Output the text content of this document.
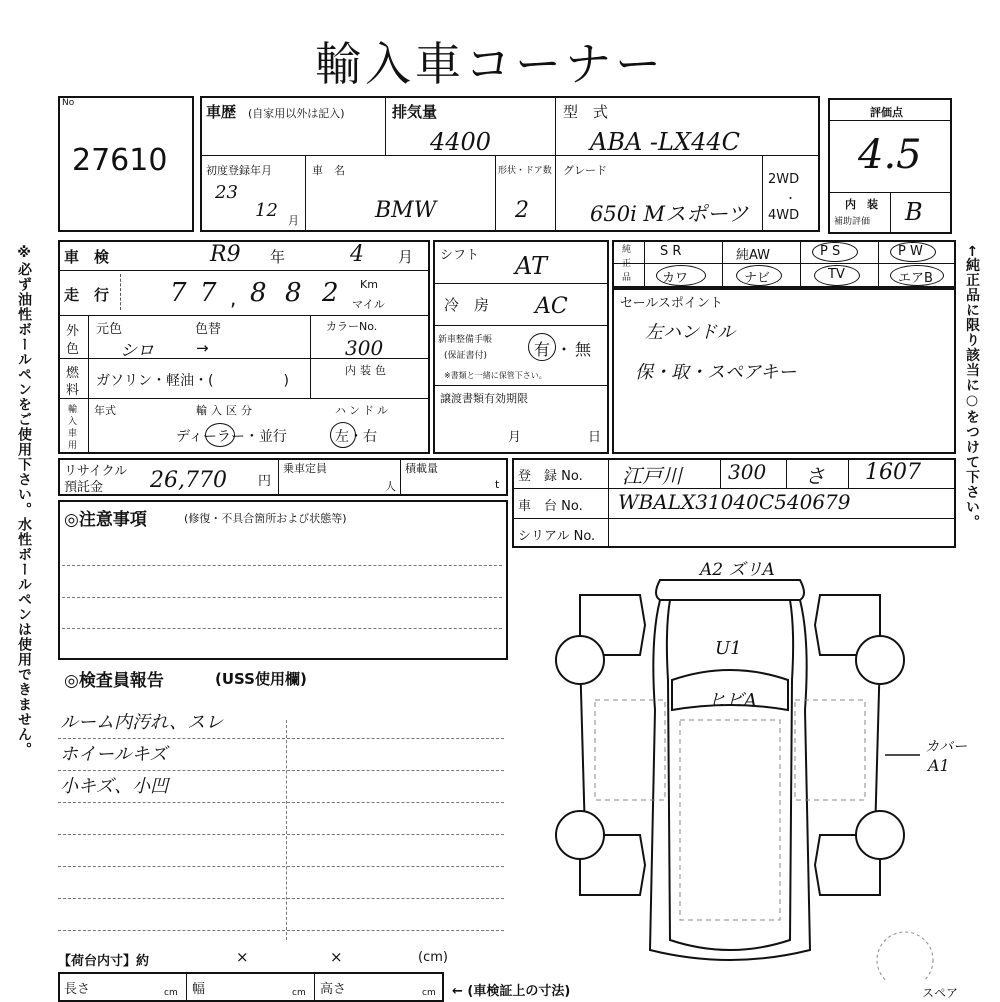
輸入車コーナー
No
27610
車歴 (自家用以外は記入)	排気量
4400
型　式
ABA -LX44C
初度登録年月
23
12 月
車　名
BMW
形状・ドア数
2
グレード
650i Mスポーツ
2WD
・
4WD
評価点
4.5
内　装
補助評価 B
車　検	R9 年	4 月
走　行 7 7 , 8 8 2 Km
マイル
外
色
元色	色替	カラーNo.
シロ	→	300
燃
料
ガソリン・軽油・(　　　　　)
内装色
輸
入
車
用
年式	輸入区分	ハンドル
ディーラー・並行	左・右
シフト AT
冷　房 AC
新車整備手帳
(保証書付)	有 ・ 無
※書類と一緒に保管下さい。
譲渡書類有効期限
月	日
純
正
品
S R	純AW	P S	P W
カワ	ナビ	TV	エアB
セールスポイント
左ハンドル
保・取・スペアキー
リサイクル
預託金 26,770 円
乗車定員
人
積載量
t
登　録 No. 江戸川 300 さ 1607
車　台 No. WBALX31040C540679
シリアル No.
◎注意事項	(修復・不具合箇所および状態等)
◎検査員報告	(USS使用欄)
ルーム内汚れ、スレ
ホイールキズ
小キズ、小凹
【荷台内寸】約	×	×	(cm)
長さ	cm 幅	cm 高さ	cm ← (車検証上の寸法)
A2 ズリA
U1
ヒビA
カバー
A1
スペア
※必ず油性ボールペンをご使用下さい。水性ボールペンは使用できません。	←純正品に限り該当に○をつけて下さい。
